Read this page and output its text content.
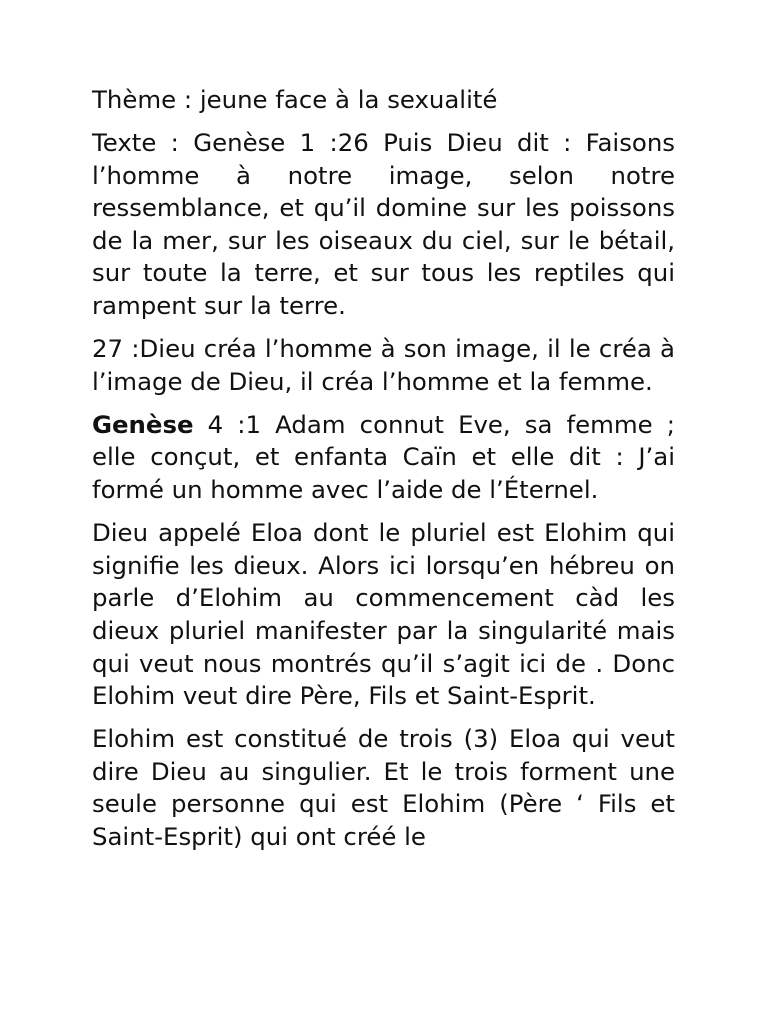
Thème : jeune face à la sexualité

Texte : Genèse 1 :26 Puis Dieu dit : Faisons l’homme à notre image, selon notre ressemblance, et qu’il domine sur les poissons de la mer, sur les oiseaux du ciel, sur le bétail, sur toute la terre, et sur tous les reptiles qui rampent sur la terre.

27 :Dieu créa l’homme à son image, il le créa à l’image de Dieu, il créa l’homme et la femme.

Genèse 4 :1 Adam connut Eve, sa femme ; elle conçut, et enfanta Caïn et elle dit : J’ai formé un homme avec l’aide de l’Éternel.

Dieu appelé Eloa dont le pluriel est Elohim qui signifie les dieux. Alors ici lorsqu’en hébreu on parle d’Elohim au commencement càd les dieux pluriel manifester par la singularité mais qui veut nous montrés qu’il s’agit ici de . Donc Elohim veut dire Père, Fils et Saint-Esprit.

Elohim est constitué de trois (3) Eloa qui veut dire Dieu au singulier. Et le trois forment une seule personne qui est Elohim (Père ‘ Fils et Saint-Esprit) qui ont créé le
